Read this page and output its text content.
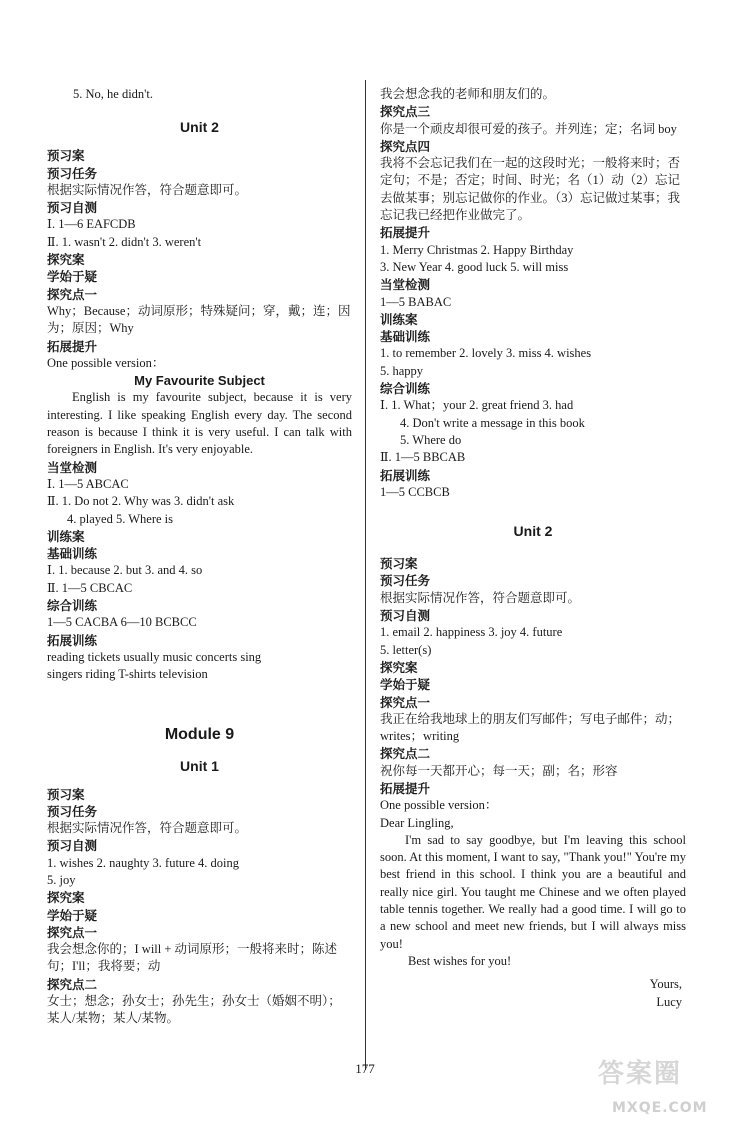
5. No, he didn't.
Unit 2
预习案
预习任务
根据实际情况作答，符合题意即可。
预习自测
Ⅰ. 1—6 EAFCDB
Ⅱ. 1. wasn't 2. didn't 3. weren't
探究案
学始于疑
探究点一
Why；Because；动词原形；特殊疑问；穿，戴；连；因为；原因；Why
拓展提升
One possible version：
My Favourite Subject
English is my favourite subject, because it is very interesting. I like speaking English every day. The second reason is because I think it is very useful. I can talk with foreigners in English. It's very enjoyable.
当堂检测
Ⅰ. 1—5 ABCAC
Ⅱ. 1. Do not 2. Why was 3. didn't ask
4. played 5. Where is
训练案
基础训练
Ⅰ. 1. because 2. but 3. and 4. so
Ⅱ. 1—5 CBCAC
综合训练
1—5 CACBA 6—10 BCBCC
拓展训练
reading tickets usually music concerts sing
singers riding T-shirts television
Module 9
Unit 1
预习案
预习任务
根据实际情况作答，符合题意即可。
预习自测
1. wishes 2. naughty 3. future 4. doing
5. joy
探究案
学始于疑
探究点一
我会想念你的；I will + 动词原形；一般将来时；陈述句；I'll；我将要；动
探究点二
女士；想念；孙女士；孙先生；孙女士（婚姻不明）；某人/某物；某人/某物。
我会想念我的老师和朋友们的。
探究点三
你是一个顽皮却很可爱的孩子。并列连；定；名词 boy
探究点四
我将不会忘记我们在一起的这段时光；一般将来时；否定句；不是；否定；时间、时光；名（1）动（2）忘记去做某事；别忘记做你的作业。（3）忘记做过某事；我忘记我已经把作业做完了。
拓展提升
1. Merry Christmas 2. Happy Birthday
3. New Year 4. good luck 5. will miss
当堂检测
1—5 BABAC
训练案
基础训练
1. to remember 2. lovely 3. miss 4. wishes
5. happy
综合训练
Ⅰ. 1. What；your 2. great friend 3. had
4. Don't write a message in this book
5. Where do
Ⅱ. 1—5 BBCAB
拓展训练
1—5 CCBCB
Unit 2
预习案
预习任务
根据实际情况作答，符合题意即可。
预习自测
1. email 2. happiness 3. joy 4. future
5. letter(s)
探究案
学始于疑
探究点一
我正在给我地球上的朋友们写邮件；写电子邮件；动；writes；writing
探究点二
祝你每一天都开心；每一天；副；名；形容
拓展提升
One possible version：
Dear Lingling,
I'm sad to say goodbye, but I'm leaving this school soon. At this moment, I want to say, "Thank you!" You're my best friend in this school. I think you are a beautiful and really nice girl. You taught me Chinese and we often played table tennis together. We really had a good time. I will go to a new school and meet new friends, but I will always miss you!
Best wishes for you!
Yours,
Lucy
177	答案圈
MXQE.COM
